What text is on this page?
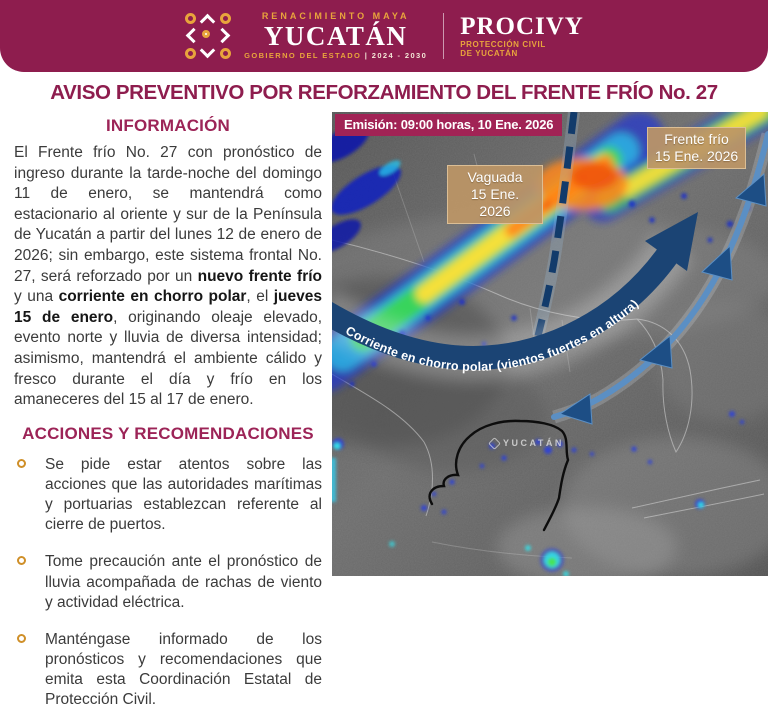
RENACIMIENTO MAYA
YUCATÁN
GOBIERNO DEL ESTADO | 2024 - 2030
PROCIVY
PROTECCIÓN CIVIL
DE YUCATÁN
AVISO PREVENTIVO POR REFORZAMIENTO DEL FRENTE FRÍO No. 27
INFORMACIÓN

El Frente frío No. 27 con pronóstico de ingreso durante la tarde-noche del domingo 11 de enero, se mantendrá como estacionario al oriente y sur de la Península de Yucatán a partir del lunes 12 de enero de 2026; sin embargo, este sistema frontal No. 27, será reforzado por un nuevo frente frío y una corriente en chorro polar, el jueves 15 de enero, originando oleaje elevado, evento norte y lluvia de diversa intensidad; asimismo, mantendrá el ambiente cálido y fresco durante el día y frío en los amaneceres del 15 al 17 de enero.

ACCIONES Y RECOMENDACIONES
Se pide estar atentos sobre las acciones que las autoridades marítimas y portuarias establezcan referente al cierre de puertos.
Tome precaución ante el pronóstico de lluvia acompañada de rachas de viento y actividad eléctrica.
Manténgase informado de los pronósticos y recomendaciones que emita esta Coordinación Estatal de Protección Civil.
Corriente en chorro polar (vientos fuertes en altura)
Emisión: 09:00 horas, 10 Ene. 2026
Vaguada
15 Ene. 2026
Frente frío
15 Ene. 2026
YUCATÁN
